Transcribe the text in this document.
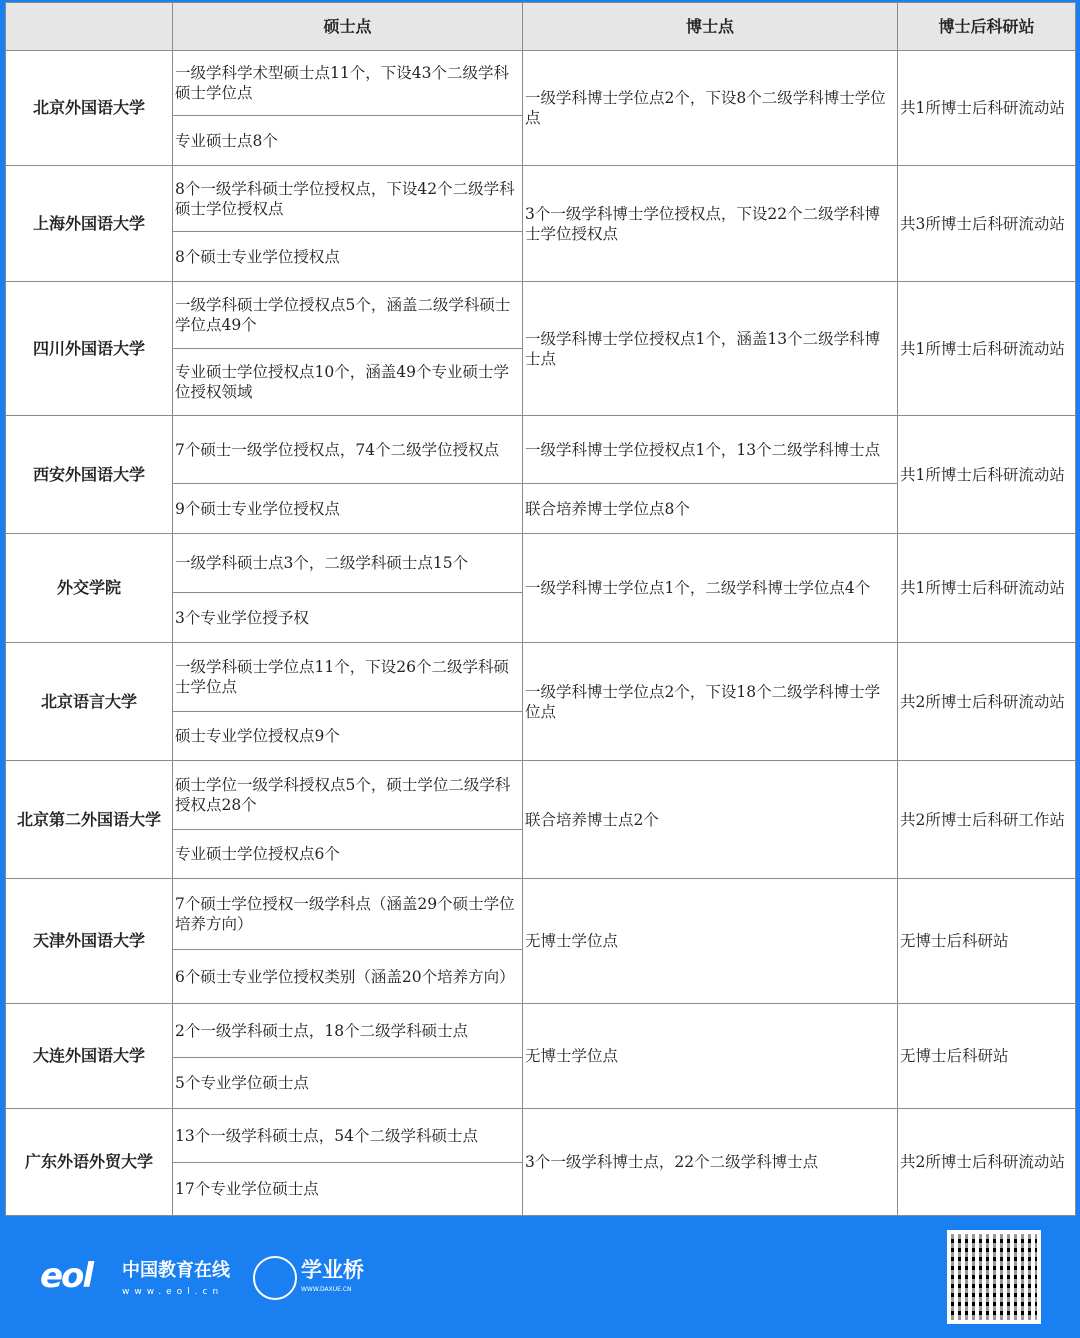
	硕士点	博士点	博士后科研站
北京外国语大学	一级学科学术型硕士点11个，下设43个二级学科硕士学位点	一级学科博士学位点2个，下设8个二级学科博士学位点	共1所博士后科研流动站
	专业硕士点8个		
上海外国语大学	8个一级学科硕士学位授权点，下设42个二级学科硕士学位授权点	3个一级学科博士学位授权点，下设22个二级学科博士学位授权点	共3所博士后科研流动站
	8个硕士专业学位授权点		
四川外国语大学	一级学科硕士学位授权点5个，涵盖二级学科硕士学位点49个	一级学科博士学位授权点1个，涵盖13个二级学科博士点	共1所博士后科研流动站
	专业硕士学位授权点10个，涵盖49个专业硕士学位授权领域		
西安外国语大学	7个硕士一级学位授权点，74个二级学位授权点	一级学科博士学位授权点1个，13个二级学科博士点	共1所博士后科研流动站
	9个硕士专业学位授权点	联合培养博士学位点8个	
外交学院	一级学科硕士点3个，二级学科硕士点15个	一级学科博士学位点1个，二级学科博士学位点4个	共1所博士后科研流动站
	3个专业学位授予权		
北京语言大学	一级学科硕士学位点11个，下设26个二级学科硕士学位点	一级学科博士学位点2个，下设18个二级学科博士学位点	共2所博士后科研流动站
	硕士专业学位授权点9个		
北京第二外国语大学	硕士学位一级学科授权点5个，硕士学位二级学科授权点28个	联合培养博士点2个	共2所博士后科研工作站
	专业硕士学位授权点6个		
天津外国语大学	7个硕士学位授权一级学科点（涵盖29个硕士学位培养方向）	无博士学位点	无博士后科研站
	6个硕士专业学位授权类别（涵盖20个培养方向）		
大连外国语大学	2个一级学科硕士点，18个二级学科硕士点	无博士学位点	无博士后科研站
	5个专业学位硕士点		
广东外语外贸大学	13个一级学科硕士点，54个二级学科硕士点	3个一级学科博士点，22个二级学科博士点	共2所博士后科研流动站
	17个专业学位硕士点		
eol 中国教育在线
www.eol.cn
学业桥
WWW.DAXUE.CN
